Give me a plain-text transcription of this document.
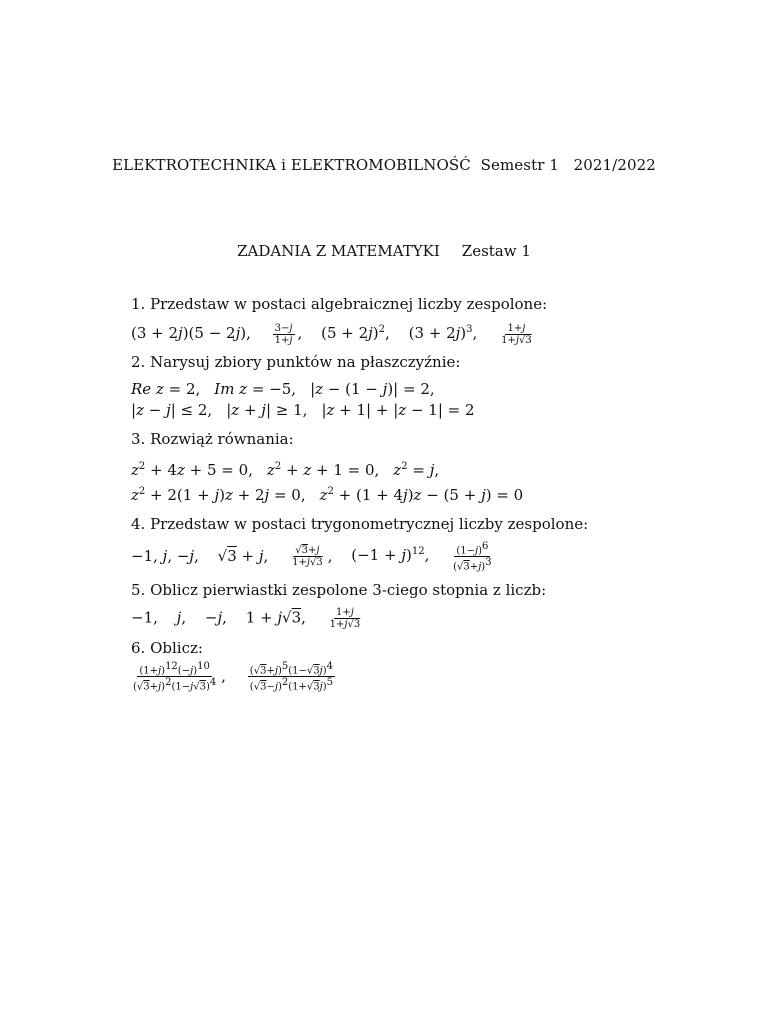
ELEKTROTECHNIKA i ELEKTROMOBILNOŚĆ Semestr 1 2021/2022
ZADANIA Z MATEMATYKI Zestaw 1
1. Przedstaw w postaci algebraicznej liczby zespolone:
(3 + 2j)(5 − 2j), $\frac{3-j}{1+j}$ , $(5 + 2j)^2$, $(3 + 2j)^3$, $\frac{1+j}{1+j√3}$
2. Narysuj zbiory punktów na płaszczyźnie:
Re z = 2, Im z = −5, |z − (1 − j)| = 2,
|z − j| ≤ 2, |z + j| ≥ 1, |z + 1| + |z − 1| = 2
3. Rozwiąż równania:
$z^2 + 4z + 5 = 0$, $z^2 + z + 1 = 0$, $z^2 = j$,
$z^2 + 2(1 + j)z + 2j = 0$, $z^2 + (1 + 4j)z - (5 + j) = 0$
4. Przedstaw w postaci trygonometrycznej liczby zespolone:
−1, j, −j, √3 + j, $\frac{√3+j}{1+j√3}$ , $(-1 + j)^{12}$, $\frac{(1-j)^6}{(√3+j)^3}$
5. Oblicz pierwiastki zespolone 3-ciego stopnia z liczb:
−1, j, −j, 1 + j√3, $\frac{1+j}{1+j√3}$
6. Oblicz:
$\frac{(1+j)^{12}(-j)^{10}}{(√3+j)^2(1-j√3)^4}$ , $\frac{(√3+j)^5(1-√3j)^4}{(√3-j)^2(1+√3j)^5}$
